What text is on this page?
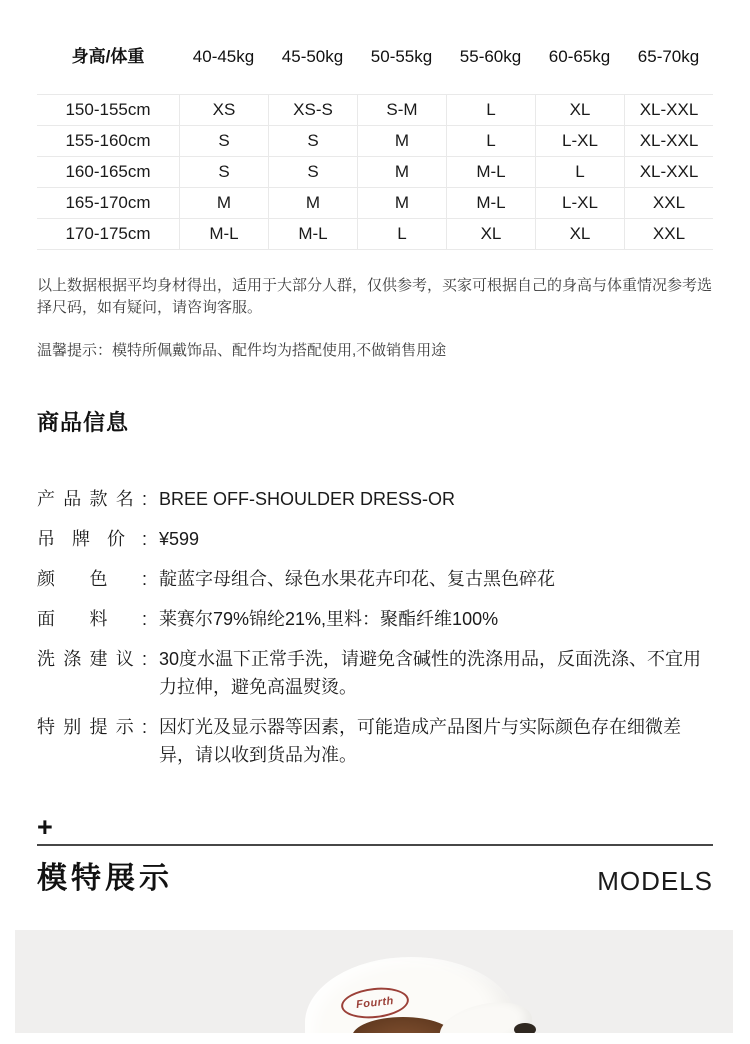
身高/体重	40-45kg	45-50kg	50-55kg	55-60kg	60-65kg	65-70kg
150-155cm	XS	XS-S	S-M	L	XL	XL-XXL
155-160cm	S	S	M	L	L-XL	XL-XXL
160-165cm	S	S	M	M-L	L	XL-XXL
165-170cm	M	M	M	M-L	L-XL	XXL
170-175cm	M-L	M-L	L	XL	XL	XXL

以上数据根据平均身材得出，适用于大部分人群，仅供参考，买家可根据自己的身高与体重情况参考选择尺码，如有疑问，请咨询客服。

温馨提示：模特所佩戴饰品、配件均为搭配使用,不做销售用途

商品信息
产品款名: BREE OFF-SHOULDER DRESS-OR
吊牌价: ¥599
颜色: 靛蓝字母组合、绿色水果花卉印花、复古黑色碎花
面料: 莱赛尔79%锦纶21%,里料：聚酯纤维100%
洗涤建议: 30度水温下正常手洗，请避免含碱性的洗涤用品，反面洗涤、不宜用力拉伸，避免高温熨烫。
特别提示: 因灯光及显示器等因素，可能造成产品图片与实际颜色存在细微差异，请以收到货品为准。
+
模特展示	MODELS
Fourth
